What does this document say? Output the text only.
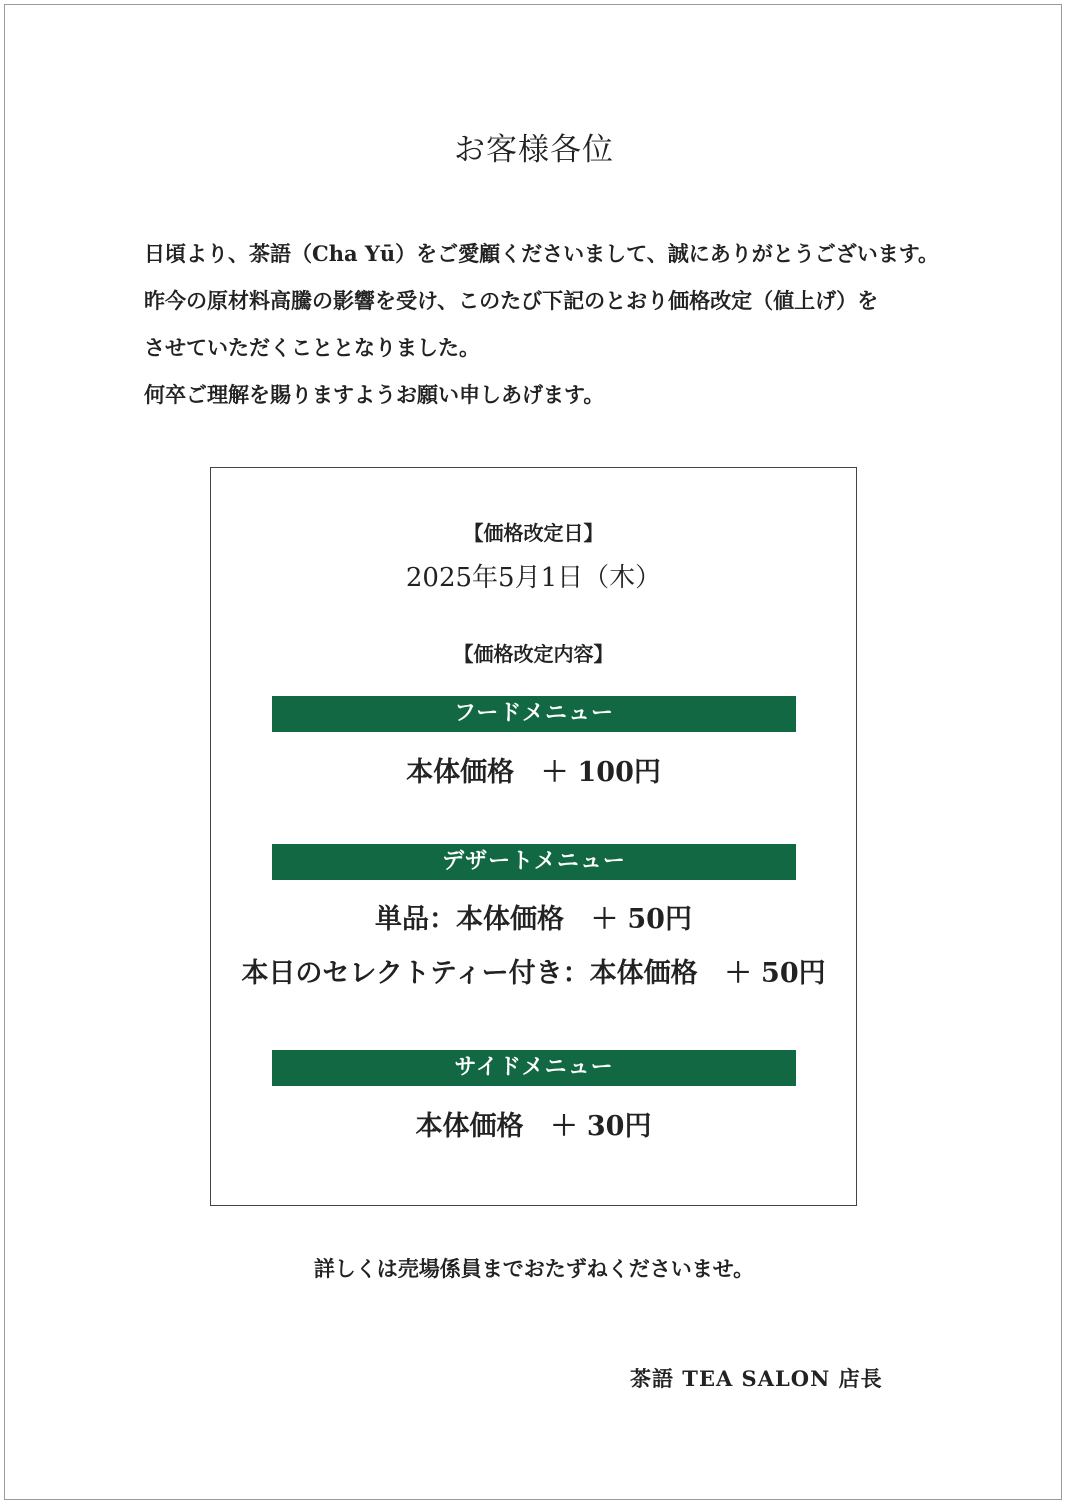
お客様各位

日頃より、茶語（Cha Yū）をご愛顧くださいまして、誠にありがとうございます。

昨今の原材料高騰の影響を受け、このたび下記のとおり価格改定（値上げ）を

させていただくこととなりました。

何卒ご理解を賜りますようお願い申しあげます。

【価格改定日】
2025年5月1日（木）
【価格改定内容】
フードメニュー
本体価格　＋ 100円
デザートメニュー
単品：本体価格　＋ 50円
本日のセレクトティー付き：本体価格　＋ 50円
サイドメニュー
本体価格　＋ 30円
詳しくは売場係員までおたずねくださいませ。
茶語 TEA SALON 店長
